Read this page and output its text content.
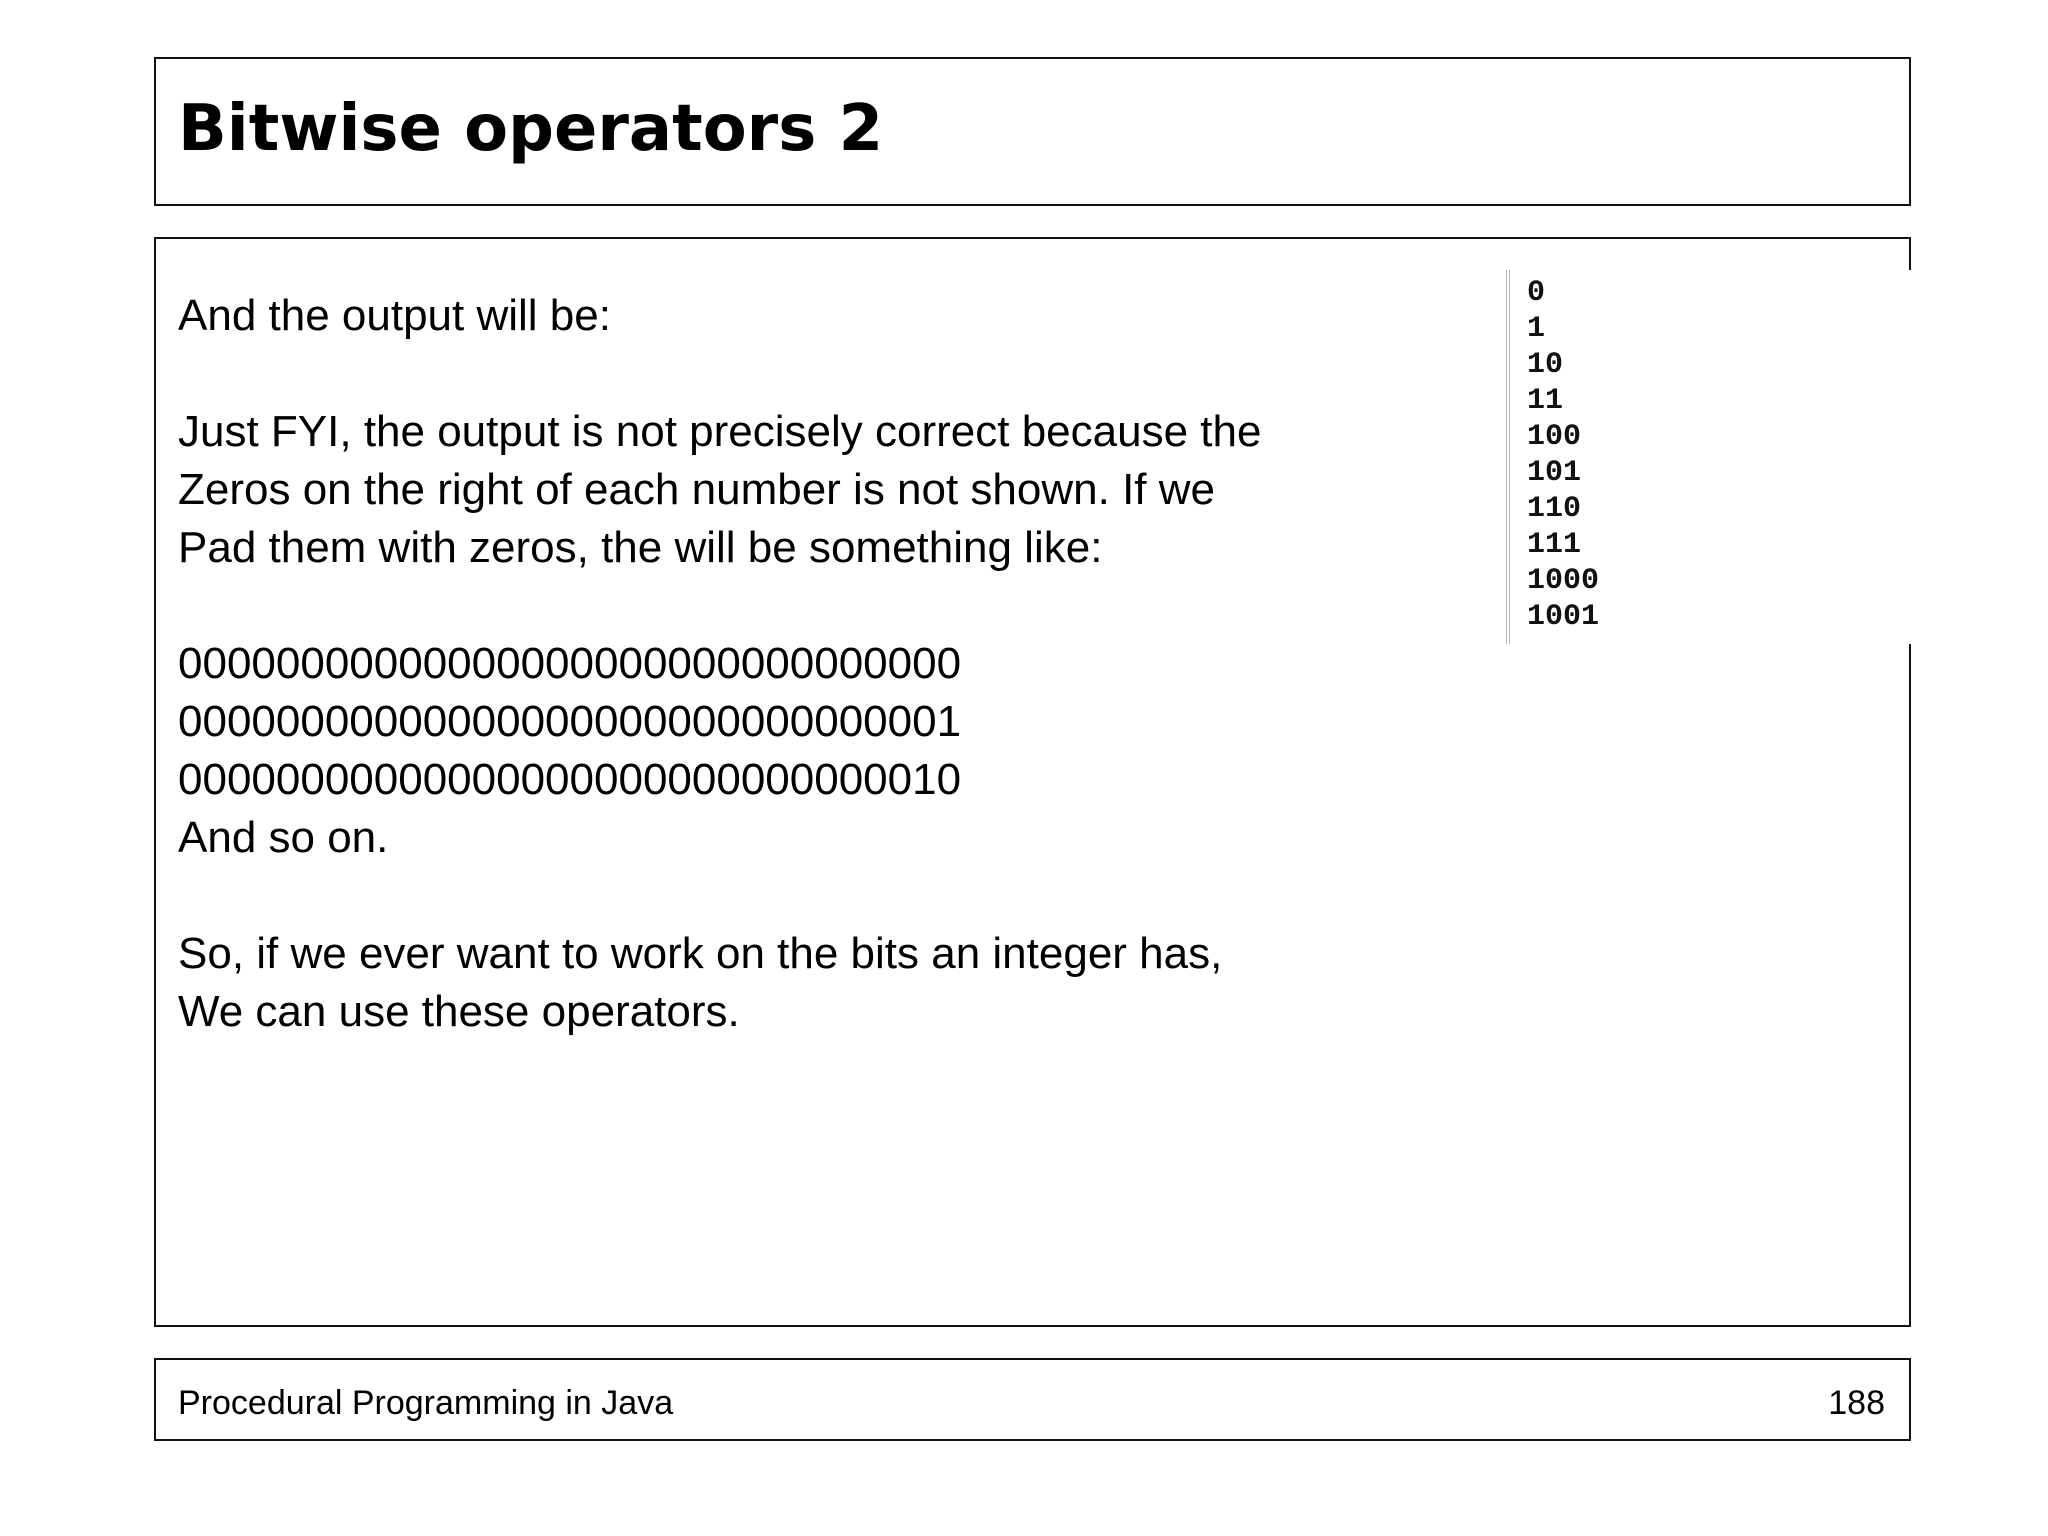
Bitwise operators 2
And the output will be:
Just FYI, the output is not precisely correct because the
Zeros on the right of each number is not shown. If we
Pad them with zeros, the will be something like:
00000000000000000000000000000000
00000000000000000000000000000001
00000000000000000000000000000010
And so on.
So, if we ever want to work on the bits an integer has,
We can use these operators.
0
1
10
11
100
101
110
111
1000
1001
Procedural Programming in Java	188
